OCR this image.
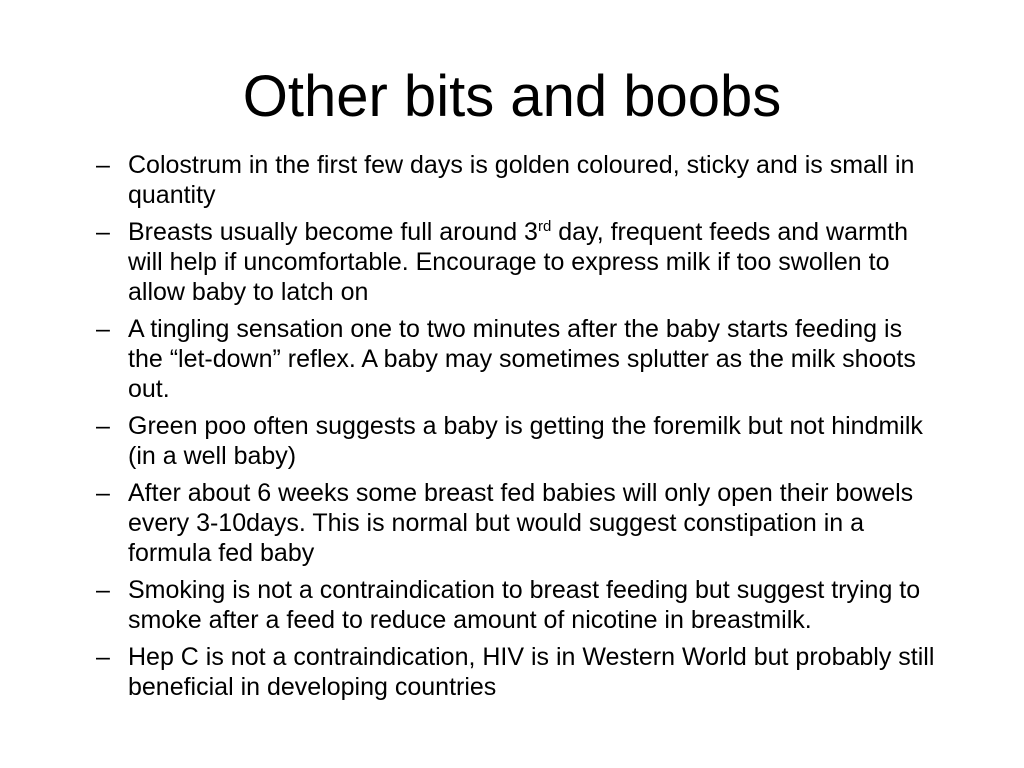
Other bits and boobs
– Colostrum in the first few days is golden coloured, sticky and is small in quantity
– Breasts usually become full around 3rd day, frequent feeds and warmth will help if uncomfortable. Encourage to express milk if too swollen to allow baby to latch on
– A tingling sensation one to two minutes after the baby starts feeding is the “let-down” reflex. A baby may sometimes splutter as the milk shoots out.
– Green poo often suggests a baby is getting the foremilk but not hindmilk (in a well baby)
– After about 6 weeks some breast fed babies will only open their bowels every 3-10days. This is normal but would suggest constipation in a formula fed baby
– Smoking is not a contraindication to breast feeding but suggest trying to smoke after a feed to reduce amount of nicotine in breastmilk.
– Hep C is not a contraindication, HIV is in Western World but probably still beneficial in developing countries
